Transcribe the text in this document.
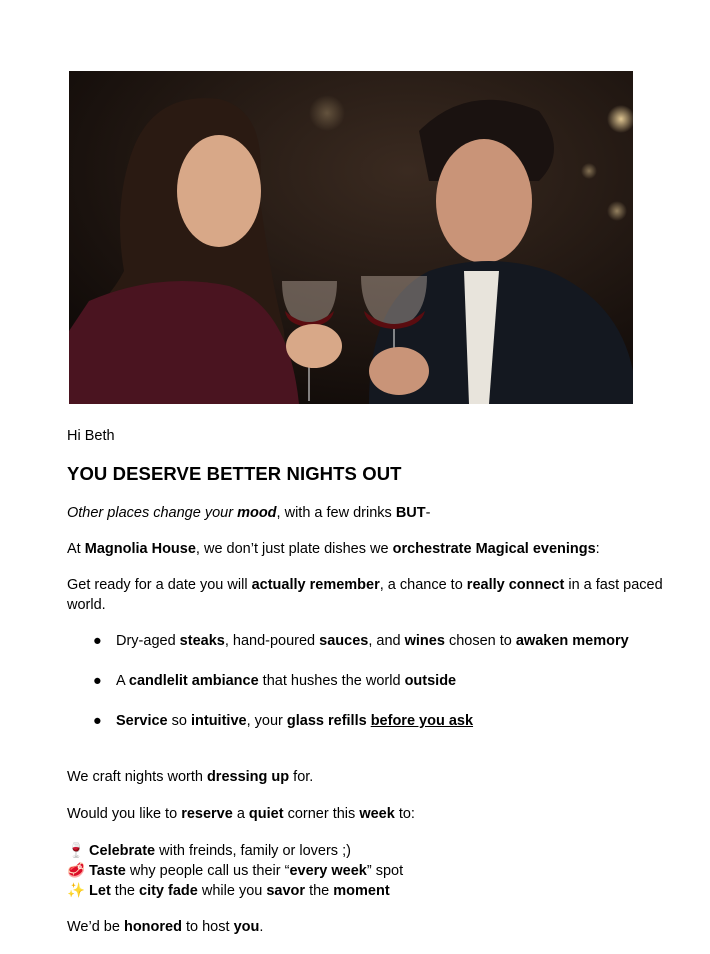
Hi Beth

YOU DESERVE BETTER NIGHTS OUT

Other places change your mood, with a few drinks BUT-

At Magnolia House, we don’t just plate dishes we orchestrate Magical evenings:

Get ready for a date you will actually remember, a chance to really connect in a fast paced world.

● Dry-aged steaks, hand-poured sauces, and wines chosen to awaken memory
● A candlelit ambiance that hushes the world outside
● Service so intuitive, your glass refills before you ask

We craft nights worth dressing up for.

Would you like to reserve a quiet corner this week to:

🍷 Celebrate with freinds, family or lovers ;)

🥩 Taste why people call us their “every week” spot

✨ Let the city fade while you savor the moment

We’d be honored to host you.
